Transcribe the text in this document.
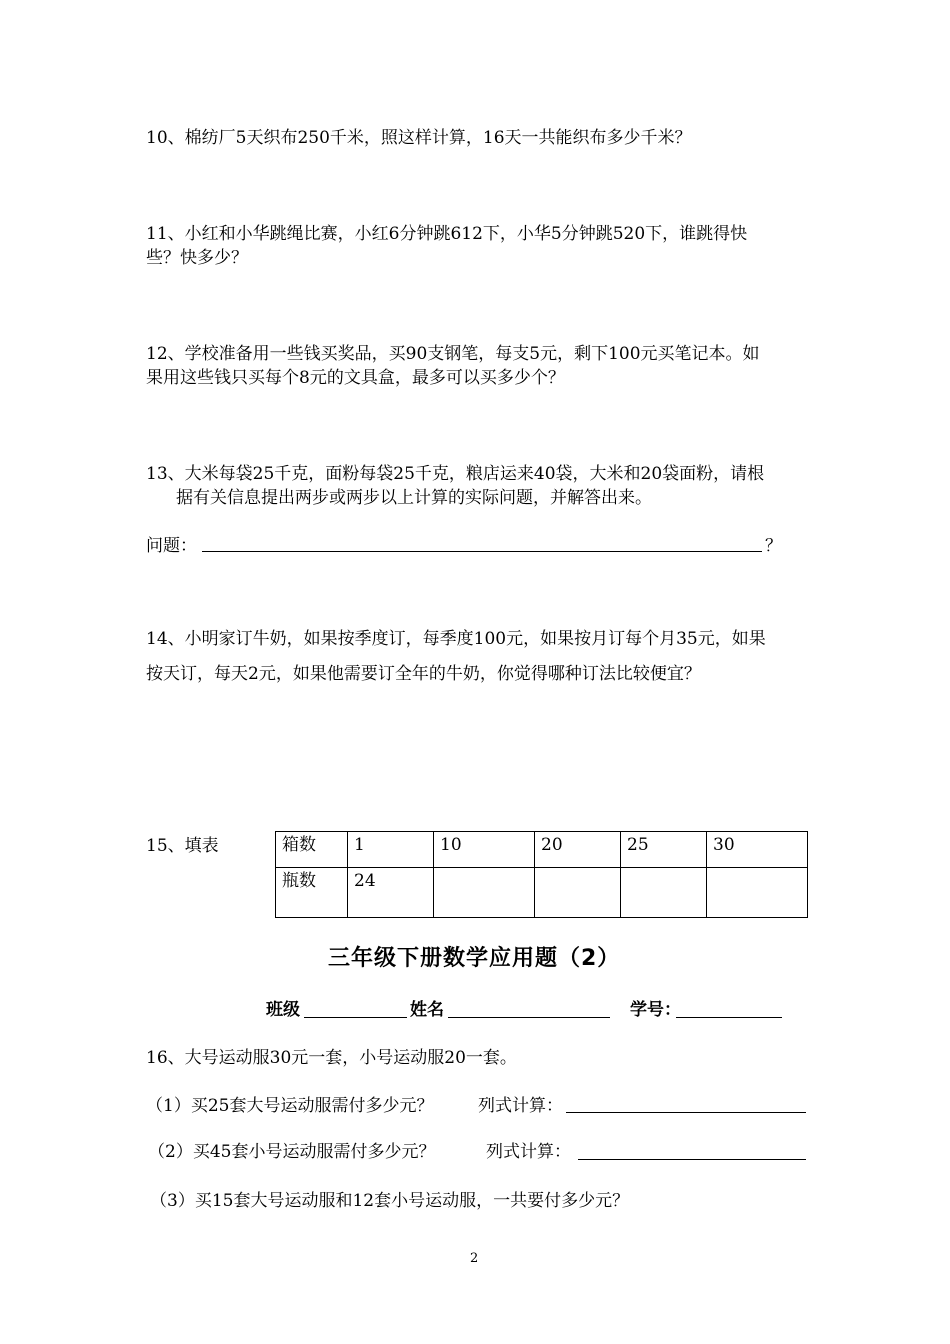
10、棉纺厂5天织布250千米，照这样计算，16天一共能织布多少千米？
11、小红和小华跳绳比赛，小红6分钟跳612下，小华5分钟跳520下，谁跳得快
些？快多少？
12、学校准备用一些钱买奖品，买90支钢笔，每支5元，剩下100元买笔记本。如
果用这些钱只买每个8元的文具盒，最多可以买多少个？
13、大米每袋25千克，面粉每袋25千克，粮店运来40袋，大米和20袋面粉，请根
据有关信息提出两步或两步以上计算的实际问题，并解答出来。
问题：	？
14、小明家订牛奶，如果按季度订，每季度100元，如果按月订每个月35元，如果
按天订，每天2元，如果他需要订全年的牛奶，你觉得哪种订法比较便宜？
15、填表	箱数	1	10	20	25	30
瓶数	24				
三年级下册数学应用题（2）
班级	姓名	学号：
16、大号运动服30元一套，小号运动服20一套。
（1）买25套大号运动服需付多少元？	列式计算：
（2）买45套小号运动服需付多少元？	列式计算：
（3）买15套大号运动服和12套小号运动服，一共要付多少元？
2
